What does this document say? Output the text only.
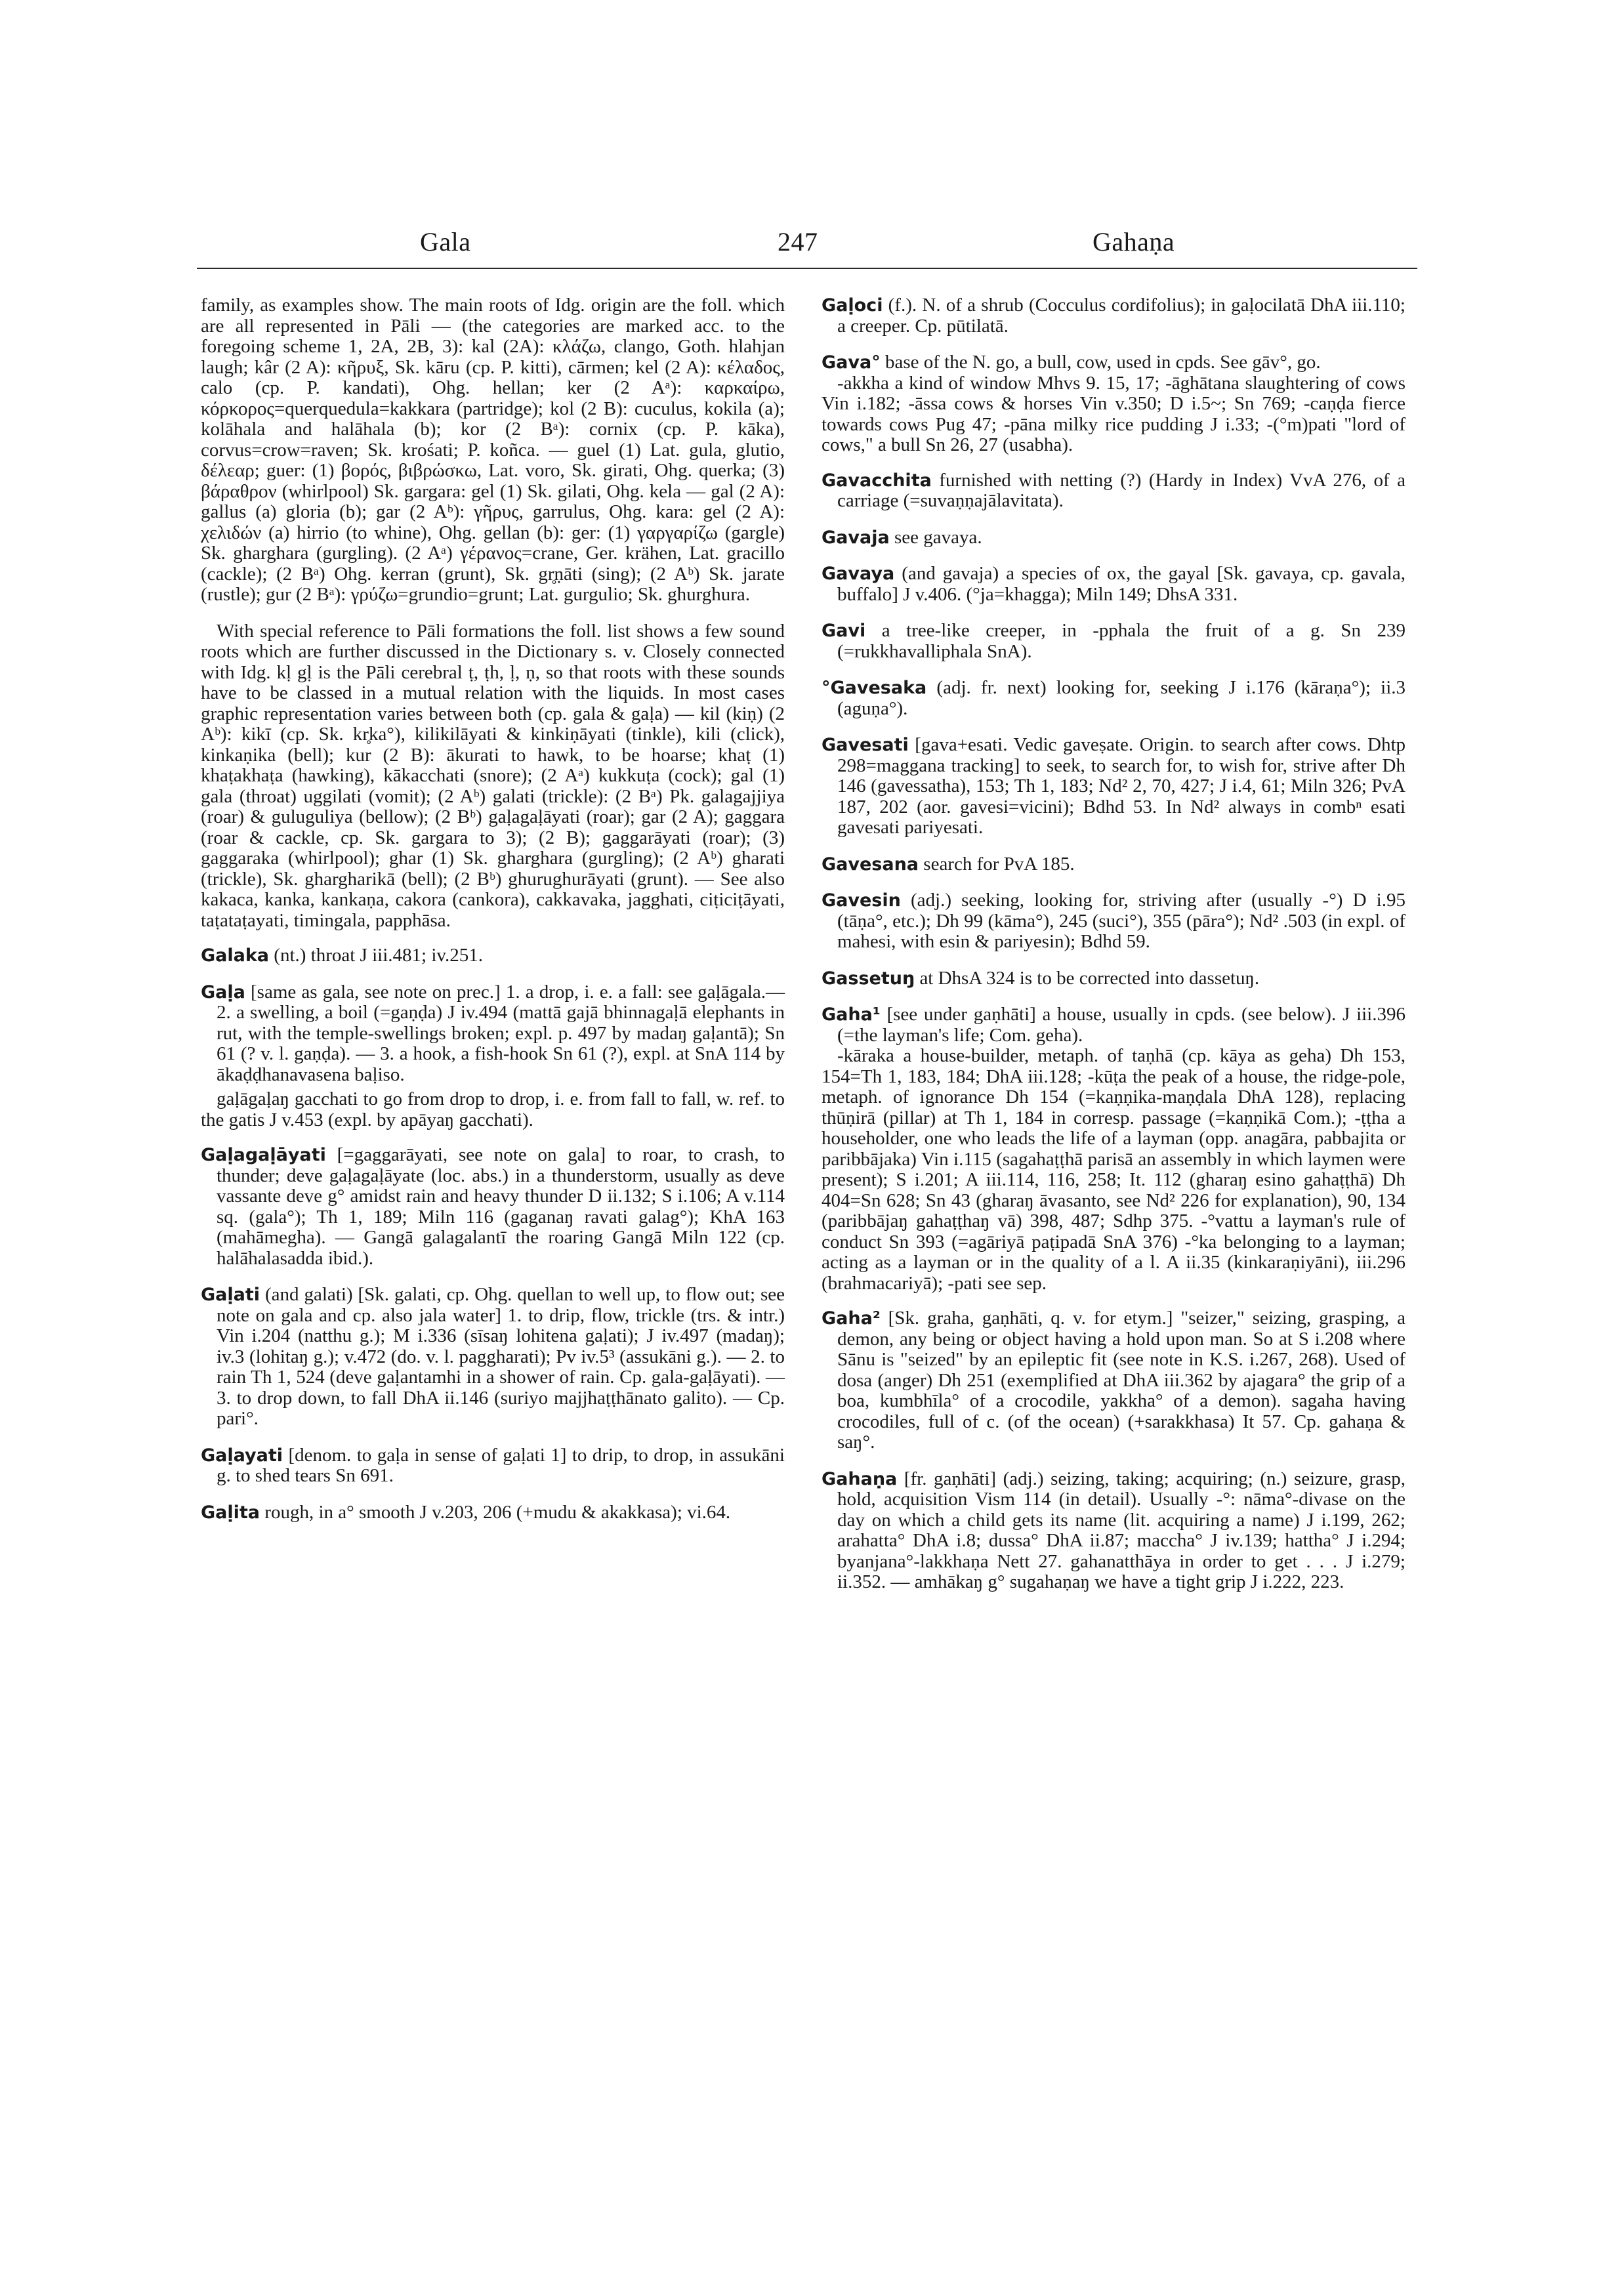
Gala	247	Gahaṇa

family, as examples show. The main roots of Idg. origin are the foll. which are all represented in Pāli — (the categories are marked acc. to the foregoing scheme 1, 2A, 2B, 3): kal (2A): κλάζω, clango, Goth. hlahjan laugh; kâr (2 A): κῆρυξ, Sk. kāru (cp. P. kitti), cārmen; kel (2 A): κέλαδος, calo (cp. P. kandati), Ohg. hellan; ker (2 Aᵃ): καρκαίρω, κόρκορος=querquedula=kakkara (partridge); kol (2 B): cuculus, kokila (a); kolāhala and halāhala (b); kor (2 Bᵃ): cornix (cp. P. kāka), corvus=crow=raven; Sk. krośati; P. koñca. — guel (1) Lat. gula, glutio, δέλεαρ; guer: (1) βορός, βιβρώσκω, Lat. voro, Sk. girati, Ohg. querka; (3) βάραθρον (whirlpool) Sk. gargara: gel (1) Sk. gilati, Ohg. kela — gal (2 A): gallus (a) gloria (b); gar (2 Aᵇ): γῆρυς, garrulus, Ohg. kara: gel (2 A): χελιδών (a) hirrio (to whine), Ohg. gellan (b): ger: (1) γαργαρίζω (gargle) Sk. gharghara (gurgling). (2 Aᵃ) γέρανος=crane, Ger. krähen, Lat. gracillo (cackle); (2 Bᵃ) Ohg. kerran (grunt), Sk. gr̥ṇāti (sing); (2 Aᵇ) Sk. jarate (rustle); gur (2 Bᵃ): γρύζω=grundio=grunt; Lat. gurgulio; Sk. ghurghura.

With special reference to Pāli formations the foll. list shows a few sound roots which are further discussed in the Dictionary s. v. Closely connected with Idg. kḷ gḷ is the Pāli cerebral ṭ, ṭh, ḷ, ṇ, so that roots with these sounds have to be classed in a mutual relation with the liquids. In most cases graphic representation varies between both (cp. gala & gaḷa) — kil (kiṇ) (2 Aᵇ): kikī (cp. Sk. kr̥ka°), kilikilāyati & kinkiṇāyati (tinkle), kili (click), kinkaṇika (bell); kur (2 B): ākurati to hawk, to be hoarse; khaṭ (1) khaṭakhaṭa (hawking), kākacchati (snore); (2 Aᵃ) kukkuṭa (cock); gal (1) gala (throat) uggilati (vomit); (2 Aᵇ) galati (trickle): (2 Bᵃ) Pk. galagajjiya (roar) & guluguliya (bellow); (2 Bᵇ) gaḷagaḷāyati (roar); gar (2 A); gaggara (roar & cackle, cp. Sk. gargara to 3); (2 B); gaggarāyati (roar); (3) gaggaraka (whirlpool); ghar (1) Sk. gharghara (gurgling); (2 Aᵇ) gharati (trickle), Sk. ghargharikā (bell); (2 Bᵇ) ghurughurāyati (grunt). — See also kakaca, kanka, kankaṇa, cakora (cankora), cakkavaka, jagghati, ciṭiciṭāyati, taṭataṭayati, timingala, papphāsa.

Galaka (nt.) throat J iii.481; iv.251.

Gaḷa [same as gala, see note on prec.] 1. a drop, i. e. a fall: see gaḷāgala.—2. a swelling, a boil (=gaṇḍa) J iv.494 (mattā gajā bhinnagaḷā elephants in rut, with the temple-swellings broken; expl. p. 497 by madaŋ gaḷantā); Sn 61 (? v. l. gaṇḍa). — 3. a hook, a fish-hook Sn 61 (?), expl. at SnA 114 by ākaḍḍhanavasena baḷiso.

gaḷāgaḷaŋ gacchati to go from drop to drop, i. e. from fall to fall, w. ref. to the gatis J v.453 (expl. by apāyaŋ gacchati).

Gaḷagaḷāyati [=gaggarāyati, see note on gala] to roar, to crash, to thunder; deve gaḷagaḷāyate (loc. abs.) in a thunderstorm, usually as deve vassante deve g° amidst rain and heavy thunder D ii.132; S i.106; A v.114 sq. (gala°); Th 1, 189; Miln 116 (gaganaŋ ravati galag°); KhA 163 (mahāmegha). — Gangā galagalantī the roaring Gangā Miln 122 (cp. halāhalasadda ibid.).

Gaḷati (and galati) [Sk. galati, cp. Ohg. quellan to well up, to flow out; see note on gala and cp. also jala water] 1. to drip, flow, trickle (trs. & intr.) Vin i.204 (natthu g.); M i.336 (sīsaŋ lohitena gaḷati); J iv.497 (madaŋ); iv.3 (lohitaŋ g.); v.472 (do. v. l. paggharati); Pv iv.5³ (assukāni g.). — 2. to rain Th 1, 524 (deve gaḷantamhi in a shower of rain. Cp. gala-gaḷāyati). — 3. to drop down, to fall DhA ii.146 (suriyo majjhaṭṭhānato galito). — Cp. pari°.

Gaḷayati [denom. to gaḷa in sense of gaḷati 1] to drip, to drop, in assukāni g. to shed tears Sn 691.

Gaḷita rough, in a° smooth J v.203, 206 (+mudu & akakkasa); vi.64.

Gaḷoci (f.). N. of a shrub (Cocculus cordifolius); in gaḷocilatā DhA iii.110; a creeper. Cp. pūtilatā.

Gava° base of the N. go, a bull, cow, used in cpds. See gāv°, go.

-akkha a kind of window Mhvs 9. 15, 17; -āghātana slaughtering of cows Vin i.182; -āssa cows & horses Vin v.350; D i.5~; Sn 769; -caṇḍa fierce towards cows Pug 47; -pāna milky rice pudding J i.33; -(°m)pati "lord of cows," a bull Sn 26, 27 (usabha).

Gavacchita furnished with netting (?) (Hardy in Index) VvA 276, of a carriage (=suvaṇṇajālavitata).

Gavaja see gavaya.

Gavaya (and gavaja) a species of ox, the gayal [Sk. gavaya, cp. gavala, buffalo] J v.406. (°ja=khagga); Miln 149; DhsA 331.

Gavi a tree-like creeper, in -pphala the fruit of a g. Sn 239 (=rukkhavalliphala SnA).

°Gavesaka (adj. fr. next) looking for, seeking J i.176 (kāraṇa°); ii.3 (aguṇa°).

Gavesati [gava+esati. Vedic gaveṣate. Origin. to search after cows. Dhtp 298=maggana tracking] to seek, to search for, to wish for, strive after Dh 146 (gavessatha), 153; Th 1, 183; Nd² 2, 70, 427; J i.4, 61; Miln 326; PvA 187, 202 (aor. gavesi=vicini); Bdhd 53. In Nd² always in combⁿ esati gavesati pariyesati.

Gavesana search for PvA 185.

Gavesin (adj.) seeking, looking for, striving after (usually -°) D i.95 (tāṇa°, etc.); Dh 99 (kāma°), 245 (suci°), 355 (pāra°); Nd² .503 (in expl. of mahesi, with esin & pariyesin); Bdhd 59.

Gassetuŋ at DhsA 324 is to be corrected into dassetuŋ.

Gaha¹ [see under gaṇhāti] a house, usually in cpds. (see below). J iii.396 (=the layman's life; Com. geha).

-kāraka a house-builder, metaph. of taṇhā (cp. kāya as geha) Dh 153, 154=Th 1, 183, 184; DhA iii.128; -kūṭa the peak of a house, the ridge-pole, metaph. of ignorance Dh 154 (=kaṇṇika-maṇḍala DhA 128), replacing thūṇirā (pillar) at Th 1, 184 in corresp. passage (=kaṇṇikā Com.); -ṭṭha a householder, one who leads the life of a layman (opp. anagāra, pabbajita or paribbājaka) Vin i.115 (sagahaṭṭhā parisā an assembly in which laymen were present); S i.201; A iii.114, 116, 258; It. 112 (gharaŋ esino gahaṭṭhā) Dh 404=Sn 628; Sn 43 (gharaŋ āvasanto, see Nd² 226 for explanation), 90, 134 (paribbājaŋ gahaṭṭhaŋ vā) 398, 487; Sdhp 375. -°vattu a layman's rule of conduct Sn 393 (=agāriyā paṭipadā SnA 376) -°ka belonging to a layman; acting as a layman or in the quality of a l. A ii.35 (kinkaraṇiyāni), iii.296 (brahmacariyā); -pati see sep.

Gaha² [Sk. graha, gaṇhāti, q. v. for etym.] "seizer," seizing, grasping, a demon, any being or object having a hold upon man. So at S i.208 where Sānu is "seized" by an epileptic fit (see note in K.S. i.267, 268). Used of dosa (anger) Dh 251 (exemplified at DhA iii.362 by ajagara° the grip of a boa, kumbhīla° of a crocodile, yakkha° of a demon). sagaha having crocodiles, full of c. (of the ocean) (+sarakkhasa) It 57. Cp. gahaṇa & saŋ°.

Gahaṇa [fr. gaṇhāti] (adj.) seizing, taking; acquiring; (n.) seizure, grasp, hold, acquisition Vism 114 (in detail). Usually -°: nāma°-divase on the day on which a child gets its name (lit. acquiring a name) J i.199, 262; arahatta° DhA i.8; dussa° DhA ii.87; maccha° J iv.139; hattha° J i.294; byanjana°-lakkhaṇa Nett 27. gahanatthāya in order to get . . . J i.279; ii.352. — amhākaŋ g° sugahaṇaŋ we have a tight grip J i.222, 223.
